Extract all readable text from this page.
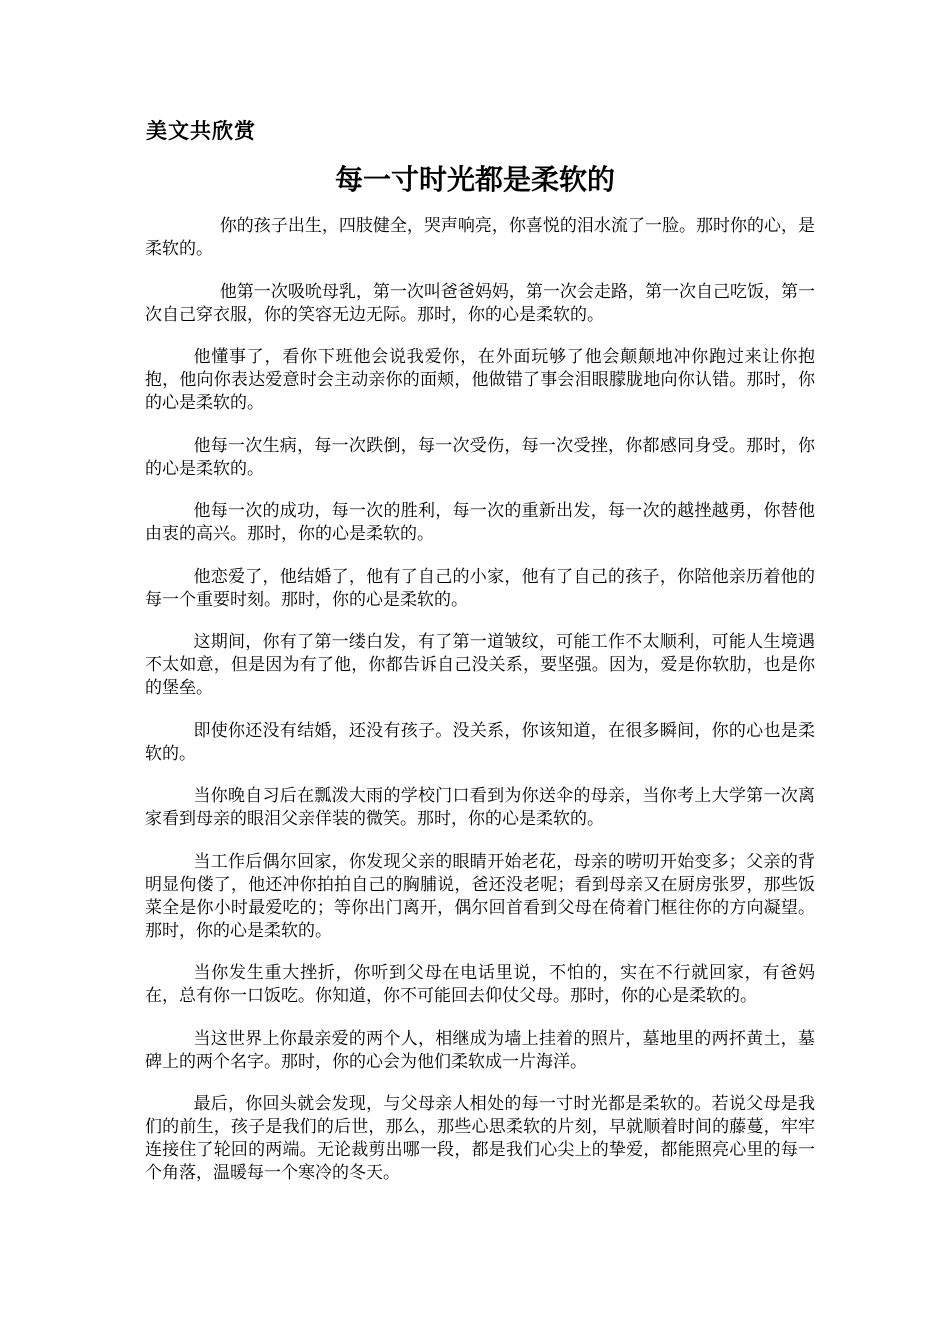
美文共欣赏
每一寸时光都是柔软的

你的孩子出生，四肢健全，哭声响亮，你喜悦的泪水流了一脸。那时你的心，是柔软的。

他第一次吸吮母乳，第一次叫爸爸妈妈，第一次会走路，第一次自己吃饭，第一次自己穿衣服，你的笑容无边无际。那时，你的心是柔软的。

他懂事了，看你下班他会说我爱你，在外面玩够了他会颠颠地冲你跑过来让你抱抱，他向你表达爱意时会主动亲你的面颊，他做错了事会泪眼朦胧地向你认错。那时，你的心是柔软的。

他每一次生病，每一次跌倒，每一次受伤，每一次受挫，你都感同身受。那时，你的心是柔软的。

他每一次的成功，每一次的胜利，每一次的重新出发，每一次的越挫越勇，你替他由衷的高兴。那时，你的心是柔软的。

他恋爱了，他结婚了，他有了自己的小家，他有了自己的孩子，你陪他亲历着他的每一个重要时刻。那时，你的心是柔软的。

这期间，你有了第一缕白发，有了第一道皱纹，可能工作不太顺利，可能人生境遇不太如意，但是因为有了他，你都告诉自己没关系，要坚强。因为，爱是你软肋，也是你的堡垒。

即使你还没有结婚，还没有孩子。没关系，你该知道，在很多瞬间，你的心也是柔软的。

当你晚自习后在瓢泼大雨的学校门口看到为你送伞的母亲，当你考上大学第一次离家看到母亲的眼泪父亲佯装的微笑。那时，你的心是柔软的。

当工作后偶尔回家，你发现父亲的眼睛开始老花，母亲的唠叨开始变多；父亲的背明显佝偻了，他还冲你拍拍自己的胸脯说，爸还没老呢；看到母亲又在厨房张罗，那些饭菜全是你小时最爱吃的；等你出门离开，偶尔回首看到父母在倚着门框往你的方向凝望。那时，你的心是柔软的。

当你发生重大挫折，你听到父母在电话里说，不怕的，实在不行就回家，有爸妈在，总有你一口饭吃。你知道，你不可能回去仰仗父母。那时，你的心是柔软的。

当这世界上你最亲爱的两个人，相继成为墙上挂着的照片，墓地里的两抔黄土，墓碑上的两个名字。那时，你的心会为他们柔软成一片海洋。

最后，你回头就会发现，与父母亲人相处的每一寸时光都是柔软的。若说父母是我们的前生，孩子是我们的后世，那么，那些心思柔软的片刻，早就顺着时间的藤蔓，牢牢连接住了轮回的两端。无论裁剪出哪一段，都是我们心尖上的挚爱，都能照亮心里的每一个角落，温暖每一个寒冷的冬天。
